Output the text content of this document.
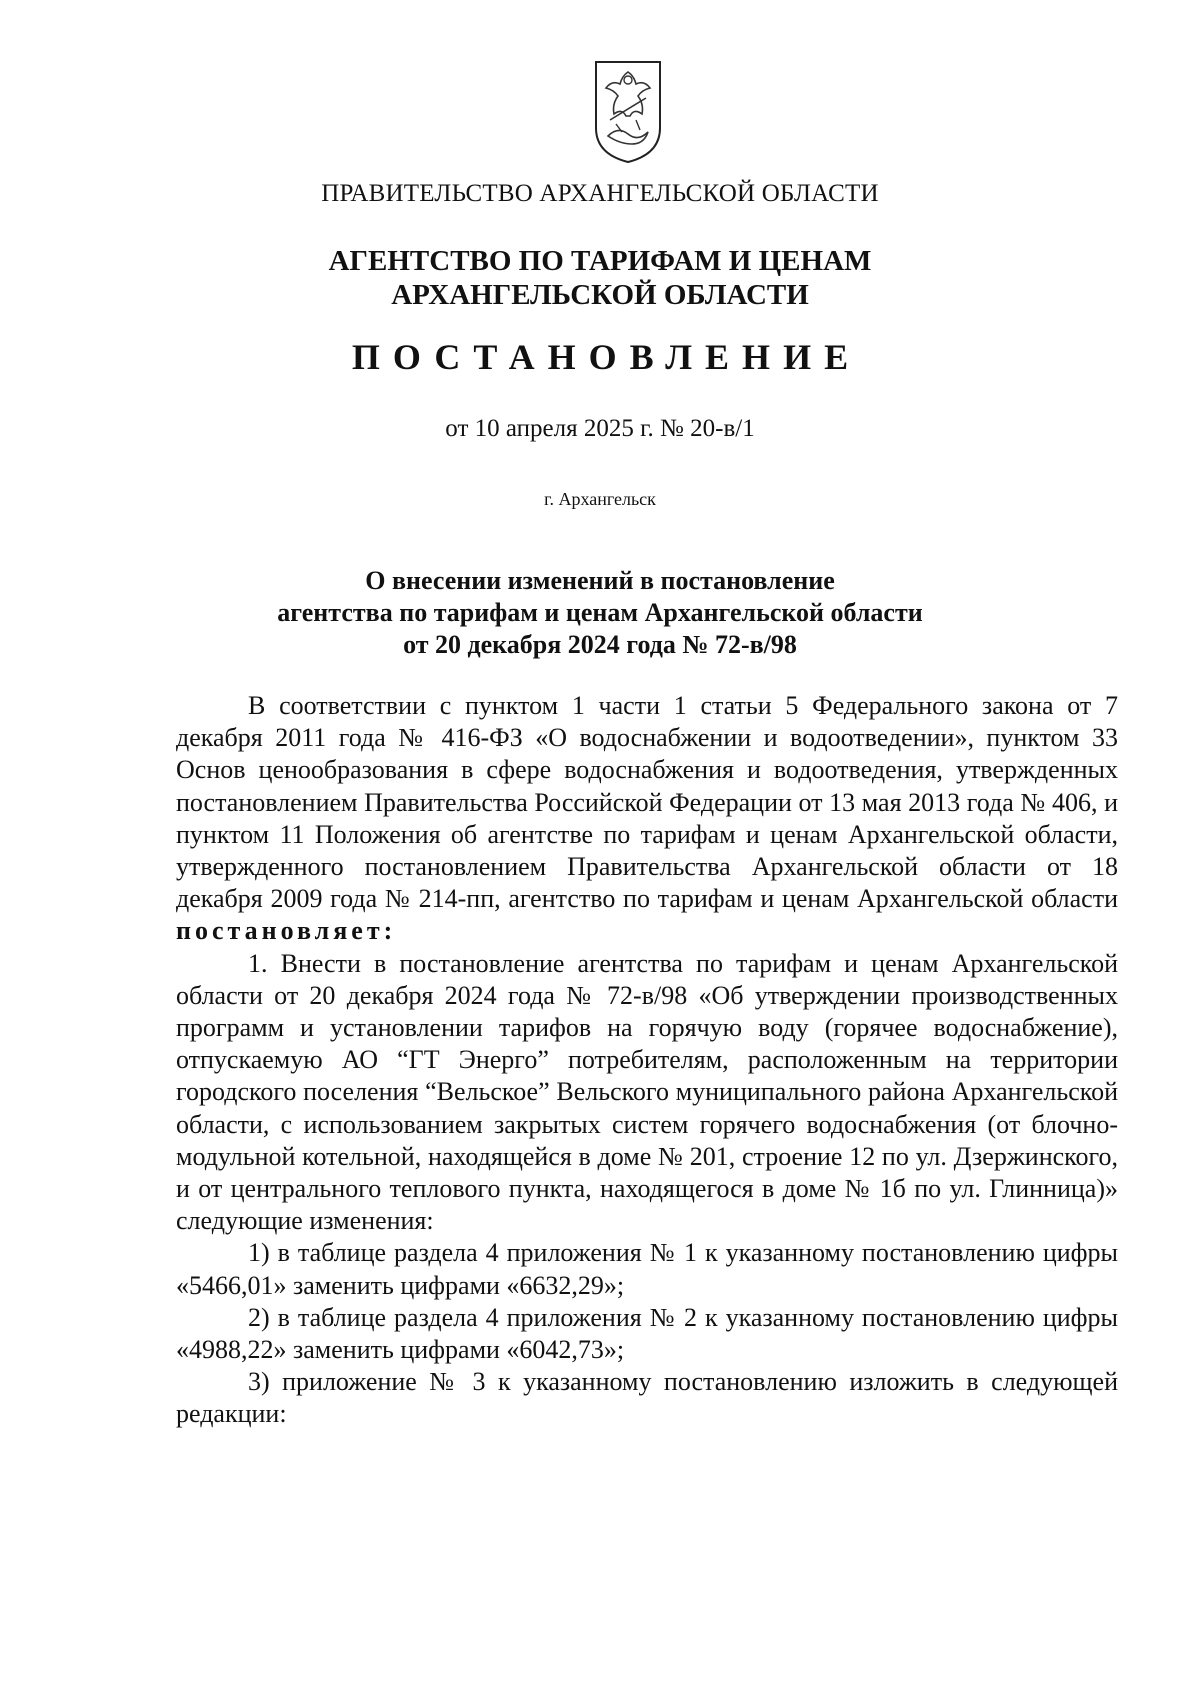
ПРАВИТЕЛЬСТВО АРХАНГЕЛЬСКОЙ ОБЛАСТИ
АГЕНТСТВО ПО ТАРИФАМ И ЦЕНАМ
АРХАНГЕЛЬСКОЙ ОБЛАСТИ
ПОСТАНОВЛЕНИЕ
от 10 апреля 2025 г. № 20-в/1
г. Архангельск
О внесении изменений в постановление
агентства по тарифам и ценам Архангельской области
от 20 декабря 2024 года № 72-в/98

В соответствии с пунктом 1 части 1 статьи 5 Федерального закона от 7 декабря 2011 года № 416-ФЗ «О водоснабжении и водоотведении», пунктом 33 Основ ценообразования в сфере водоснабжения и водоотведения, утвержденных постановлением Правительства Российской Федерации от 13 мая 2013 года № 406, и пунктом 11 Положения об агентстве по тарифам и ценам Архангельской области, утвержденного постановлением Правительства Архангельской области от 18 декабря 2009 года № 214-пп, агентство по тарифам и ценам Архангельской области постановляет:

1. Внести в постановление агентства по тарифам и ценам Архангельской области от 20 декабря 2024 года № 72-в/98 «Об утверждении производственных программ и установлении тарифов на горячую воду (горячее водоснабжение), отпускаемую АО “ГТ Энерго” потребителям, расположенным на территории городского поселения “Вельское” Вельского муниципального района Архангельской области, с использованием закрытых систем горячего водоснабжения (от блочно-модульной котельной, находящейся в доме № 201, строение 12 по ул. Дзержинского, и от центрального теплового пункта, находящегося в доме № 1б по ул. Глинница)» следующие изменения:

1) в таблице раздела 4 приложения № 1 к указанному постановлению цифры «5466,01» заменить цифрами «6632,29»;

2) в таблице раздела 4 приложения № 2 к указанному постановлению цифры «4988,22» заменить цифрами «6042,73»;

3) приложение № 3 к указанному постановлению изложить в следующей редакции:
